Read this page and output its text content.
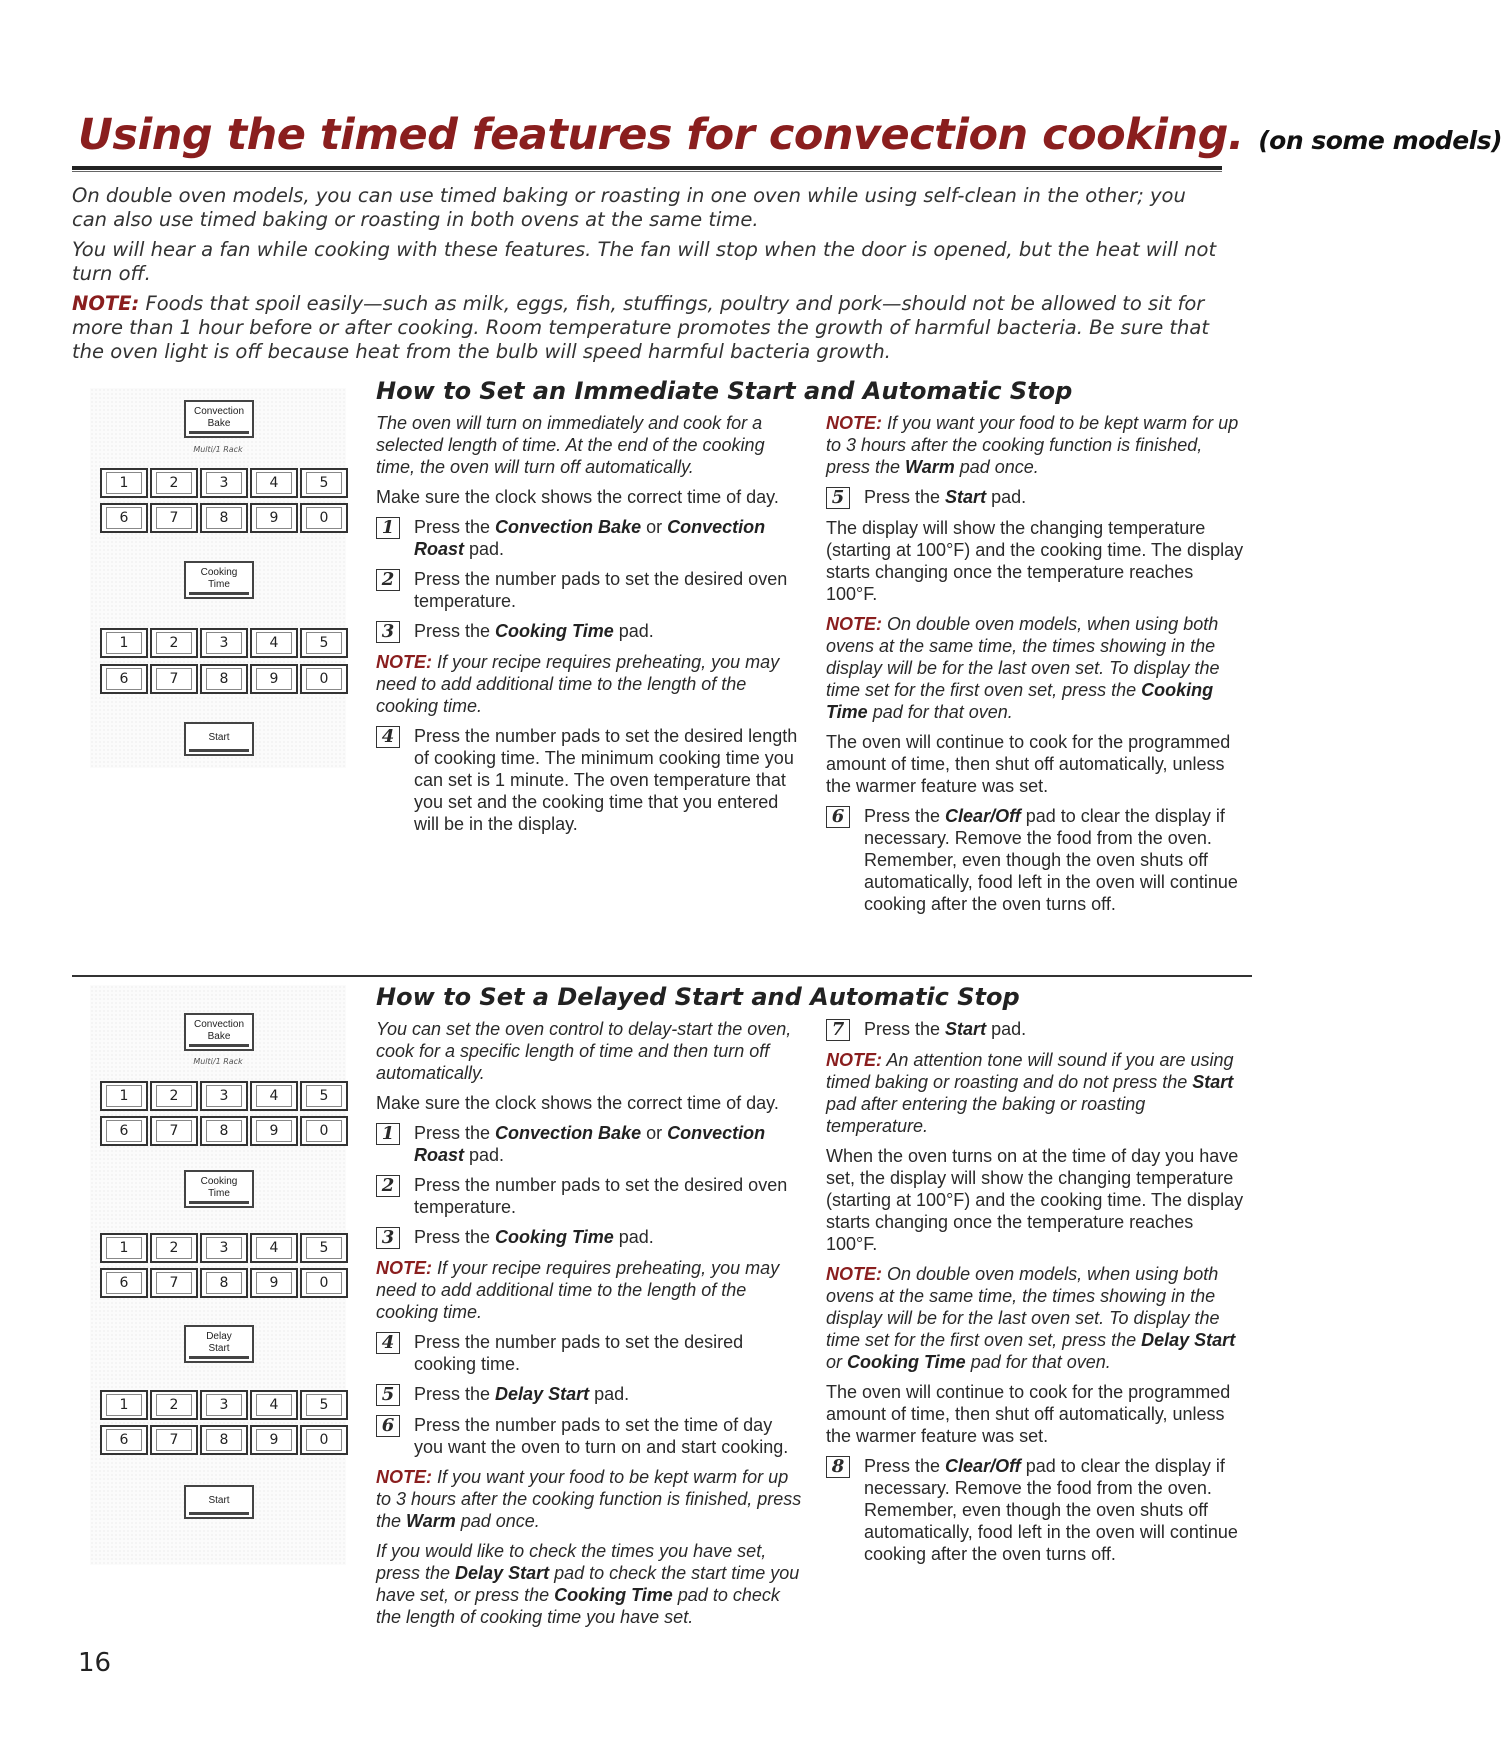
Using the timed features for convection cooking. (on some models)

On double oven models, you can use timed baking or roasting in one oven while using self-clean in the other; you can also use timed baking or roasting in both ovens at the same time.

You will hear a fan while cooking with these features. The fan will stop when the door is opened, but the heat will not turn off.

NOTE: Foods that spoil easily—such as milk, eggs, fish, stuffings, poultry and pork—should not be allowed to sit for more than 1 hour before or after cooking. Room temperature promotes the growth of harmful bacteria. Be sure that the oven light is off because heat from the bulb will speed harmful bacteria growth.

Convection
Bake
Multi/1 Rack
1	2	3	4	5
6	7	8	9	0
Cooking
Time
1	2	3	4	5
6	7	8	9	0
Start
How to Set an Immediate Start and Automatic Stop

The oven will turn on immediately and cook for a selected length of time. At the end of the cooking time, the oven will turn off automatically.

Make sure the clock shows the correct time of day.

1	Press the Convection Bake or Convection Roast pad.
2	Press the number pads to set the desired oven temperature.
3	Press the Cooking Time pad.

NOTE: If your recipe requires preheating, you may need to add additional time to the length of the cooking time.

4	Press the number pads to set the desired length of cooking time. The minimum cooking time you can set is 1 minute. The oven temperature that you set and the cooking time that you entered will be in the display.

NOTE: If you want your food to be kept warm for up to 3 hours after the cooking function is finished, press the Warm pad once.

5	Press the Start pad.

The display will show the changing temperature (starting at 100°F) and the cooking time. The display starts changing once the temperature reaches 100°F.

NOTE: On double oven models, when using both ovens at the same time, the times showing in the display will be for the last oven set. To display the time set for the first oven set, press the Cooking Time pad for that oven.

The oven will continue to cook for the programmed amount of time, then shut off automatically, unless the warmer feature was set.

6	Press the Clear/Off pad to clear the display if necessary. Remove the food from the oven. Remember, even though the oven shuts off automatically, food left in the oven will continue cooking after the oven turns off.
Convection
Bake
Multi/1 Rack
1	2	3	4	5
6	7	8	9	0
Cooking
Time
1	2	3	4	5
6	7	8	9	0
Delay
Start
1	2	3	4	5
6	7	8	9	0
Start
How to Set a Delayed Start and Automatic Stop

You can set the oven control to delay-start the oven, cook for a specific length of time and then turn off automatically.

Make sure the clock shows the correct time of day.

1	Press the Convection Bake or Convection Roast pad.
2	Press the number pads to set the desired oven temperature.
3	Press the Cooking Time pad.

NOTE: If your recipe requires preheating, you may need to add additional time to the length of the cooking time.

4	Press the number pads to set the desired cooking time.
5	Press the Delay Start pad.
6	Press the number pads to set the time of day you want the oven to turn on and start cooking.

NOTE: If you want your food to be kept warm for up to 3 hours after the cooking function is finished, press the Warm pad once.

If you would like to check the times you have set, press the Delay Start pad to check the start time you have set, or press the Cooking Time pad to check the length of cooking time you have set.

7	Press the Start pad.

NOTE: An attention tone will sound if you are using timed baking or roasting and do not press the Start pad after entering the baking or roasting temperature.

When the oven turns on at the time of day you have set, the display will show the changing temperature (starting at 100°F) and the cooking time. The display starts changing once the temperature reaches 100°F.

NOTE: On double oven models, when using both ovens at the same time, the times showing in the display will be for the last oven set. To display the time set for the first oven set, press the Delay Start or Cooking Time pad for that oven.

The oven will continue to cook for the programmed amount of time, then shut off automatically, unless the warmer feature was set.

8	Press the Clear/Off pad to clear the display if necessary. Remove the food from the oven. Remember, even though the oven shuts off automatically, food left in the oven will continue cooking after the oven turns off.
16
